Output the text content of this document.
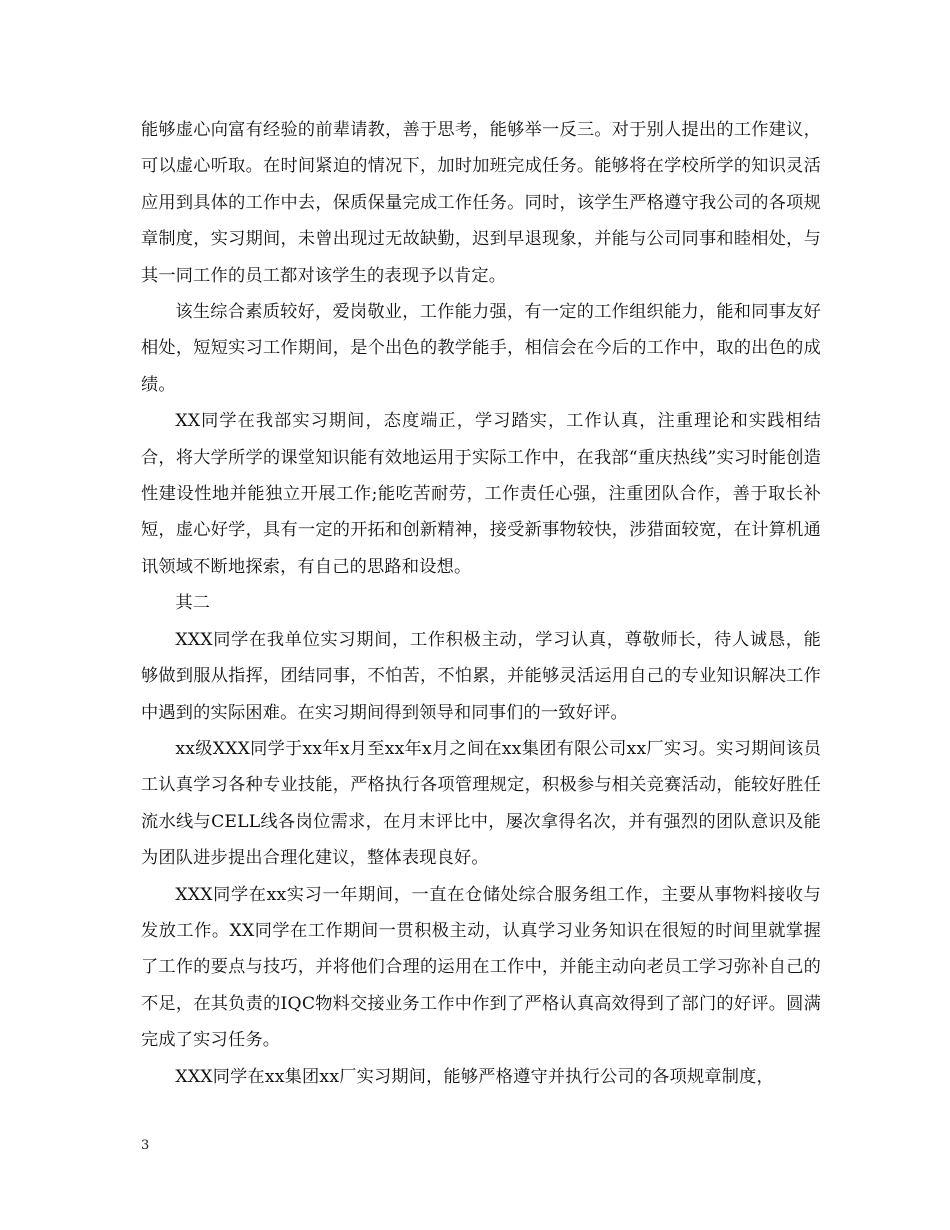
能够虚心向富有经验的前辈请教，善于思考，能够举一反三。对于别人提出的工作建议，可以虚心听取。在时间紧迫的情况下，加时加班完成任务。能够将在学校所学的知识灵活应用到具体的工作中去，保质保量完成工作任务。同时，该学生严格遵守我公司的各项规章制度，实习期间，未曾出现过无故缺勤，迟到早退现象，并能与公司同事和睦相处，与其一同工作的员工都对该学生的表现予以肯定。

该生综合素质较好，爱岗敬业，工作能力强，有一定的工作组织能力，能和同事友好相处，短短实习工作期间，是个出色的教学能手，相信会在今后的工作中，取的出色的成绩。

XX同学在我部实习期间，态度端正，学习踏实，工作认真，注重理论和实践相结合，将大学所学的课堂知识能有效地运用于实际工作中，在我部“重庆热线”实习时能创造性建设性地并能独立开展工作;能吃苦耐劳，工作责任心强，注重团队合作，善于取长补短，虚心好学，具有一定的开拓和创新精神，接受新事物较快，涉猎面较宽，在计算机通讯领域不断地探索，有自己的思路和设想。

其二

XXX同学在我单位实习期间，工作积极主动，学习认真，尊敬师长，待人诚恳，能够做到服从指挥，团结同事，不怕苦，不怕累，并能够灵活运用自己的专业知识解决工作中遇到的实际困难。在实习期间得到领导和同事们的一致好评。

xx级XXX同学于xx年x月至xx年x月之间在xx集团有限公司xx厂实习。实习期间该员工认真学习各种专业技能，严格执行各项管理规定，积极参与相关竞赛活动，能较好胜任流水线与CELL线各岗位需求，在月末评比中，屡次拿得名次，并有强烈的团队意识及能为团队进步提出合理化建议，整体表现良好。

XXX同学在xx实习一年期间，一直在仓储处综合服务组工作，主要从事物料接收与发放工作。XX同学在工作期间一贯积极主动，认真学习业务知识在很短的时间里就掌握了工作的要点与技巧，并将他们合理的运用在工作中，并能主动向老员工学习弥补自己的不足，在其负责的IQC物料交接业务工作中作到了严格认真高效得到了部门的好评。圆满完成了实习任务。

XXX同学在xx集团xx厂实习期间，能够严格遵守并执行公司的各项规章制度，

3
